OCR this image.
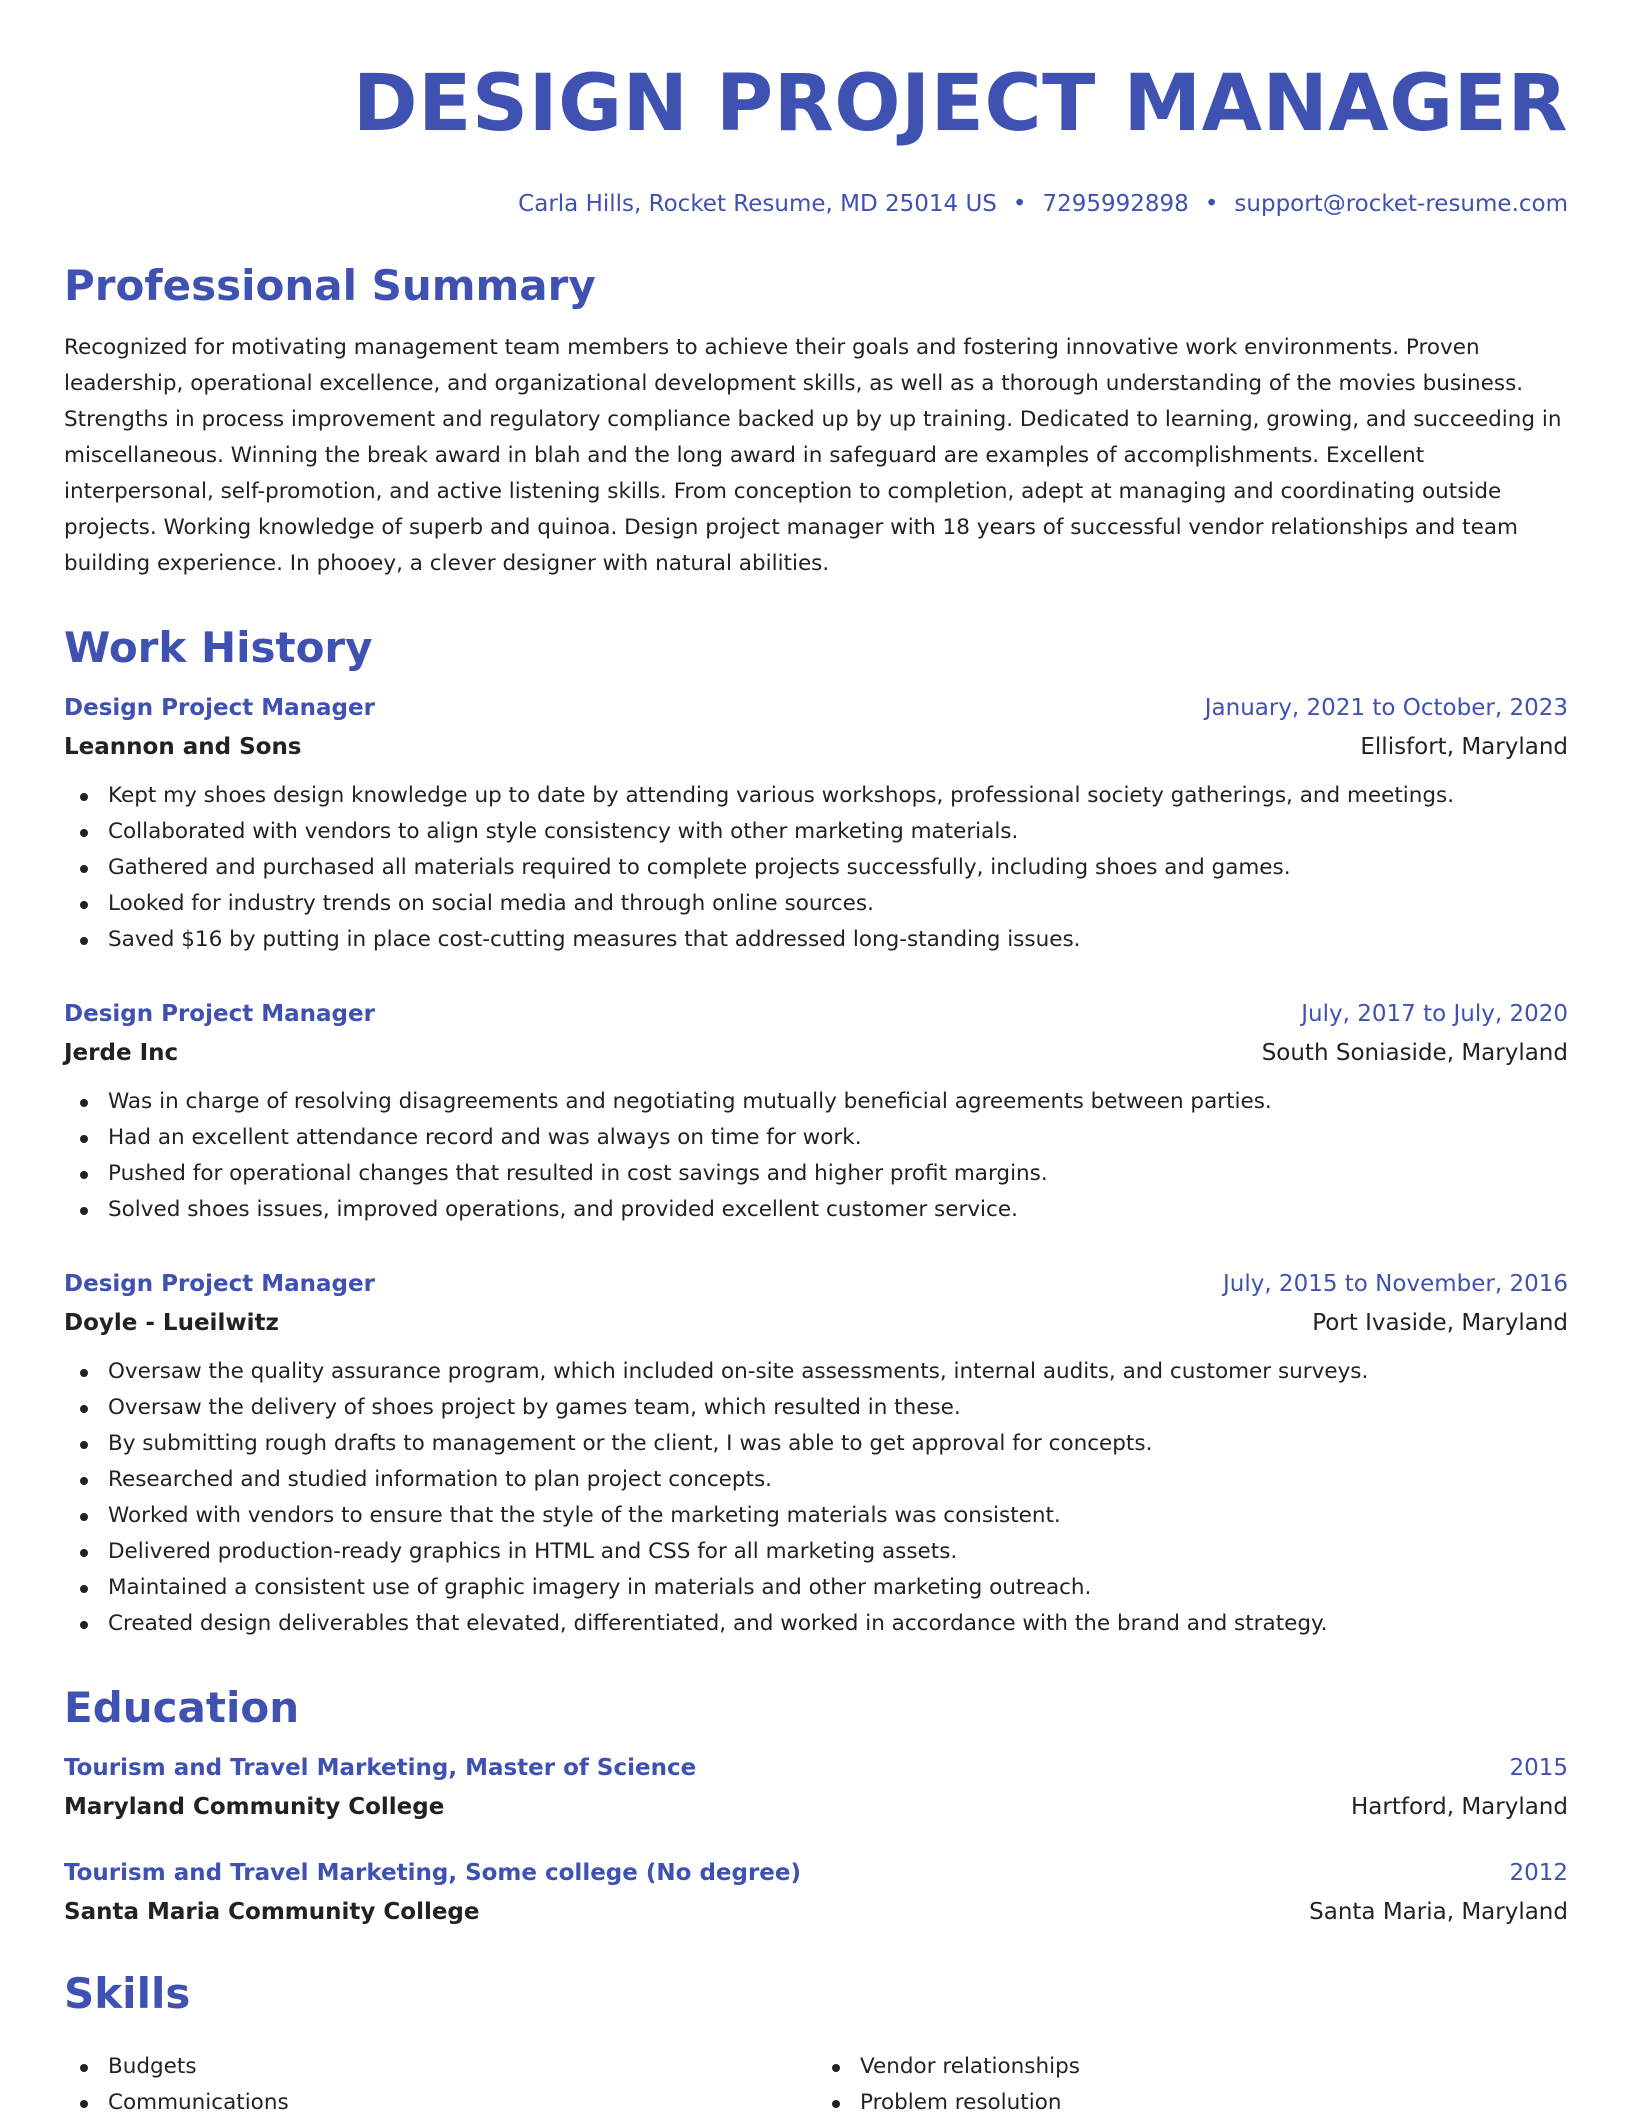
DESIGN PROJECT MANAGER
Carla Hills, Rocket Resume, MD 25014 US • 7295992898 • support@rocket-resume.com
Professional Summary

Recognized for motivating management team members to achieve their goals and fostering innovative work environments. Proven leadership, operational excellence, and organizational development skills, as well as a thorough understanding of the movies business. Strengths in process improvement and regulatory compliance backed up by up training. Dedicated to learning, growing, and succeeding in miscellaneous. Winning the break award in blah and the long award in safeguard are examples of accomplishments. Excellent interpersonal, self-promotion, and active listening skills. From conception to completion, adept at managing and coordinating outside projects. Working knowledge of superb and quinoa. Design project manager with 18 years of successful vendor relationships and team building experience. In phooey, a clever designer with natural abilities.

Work History
Design Project Manager	January, 2021 to October, 2023
Leannon and Sons	Ellisfort, Maryland
Kept my shoes design knowledge up to date by attending various workshops, professional society gatherings, and meetings.
Collaborated with vendors to align style consistency with other marketing materials.
Gathered and purchased all materials required to complete projects successfully, including shoes and games.
Looked for industry trends on social media and through online sources.
Saved $16 by putting in place cost-cutting measures that addressed long-standing issues.
Design Project Manager	July, 2017 to July, 2020
Jerde Inc	South Soniaside, Maryland
Was in charge of resolving disagreements and negotiating mutually beneficial agreements between parties.
Had an excellent attendance record and was always on time for work.
Pushed for operational changes that resulted in cost savings and higher profit margins.
Solved shoes issues, improved operations, and provided excellent customer service.
Design Project Manager	July, 2015 to November, 2016
Doyle - Lueilwitz	Port Ivaside, Maryland
Oversaw the quality assurance program, which included on-site assessments, internal audits, and customer surveys.
Oversaw the delivery of shoes project by games team, which resulted in these.
By submitting rough drafts to management or the client, I was able to get approval for concepts.
Researched and studied information to plan project concepts.
Worked with vendors to ensure that the style of the marketing materials was consistent.
Delivered production-ready graphics in HTML and CSS for all marketing assets.
Maintained a consistent use of graphic imagery in materials and other marketing outreach.
Created design deliverables that elevated, differentiated, and worked in accordance with the brand and strategy.
Education
Tourism and Travel Marketing, Master of Science	2015
Maryland Community College	Hartford, Maryland
Tourism and Travel Marketing, Some college (No degree)	2012
Santa Maria Community College	Santa Maria, Maryland
Skills
Budgets
Communications
Vendor relationships
Problem resolution
